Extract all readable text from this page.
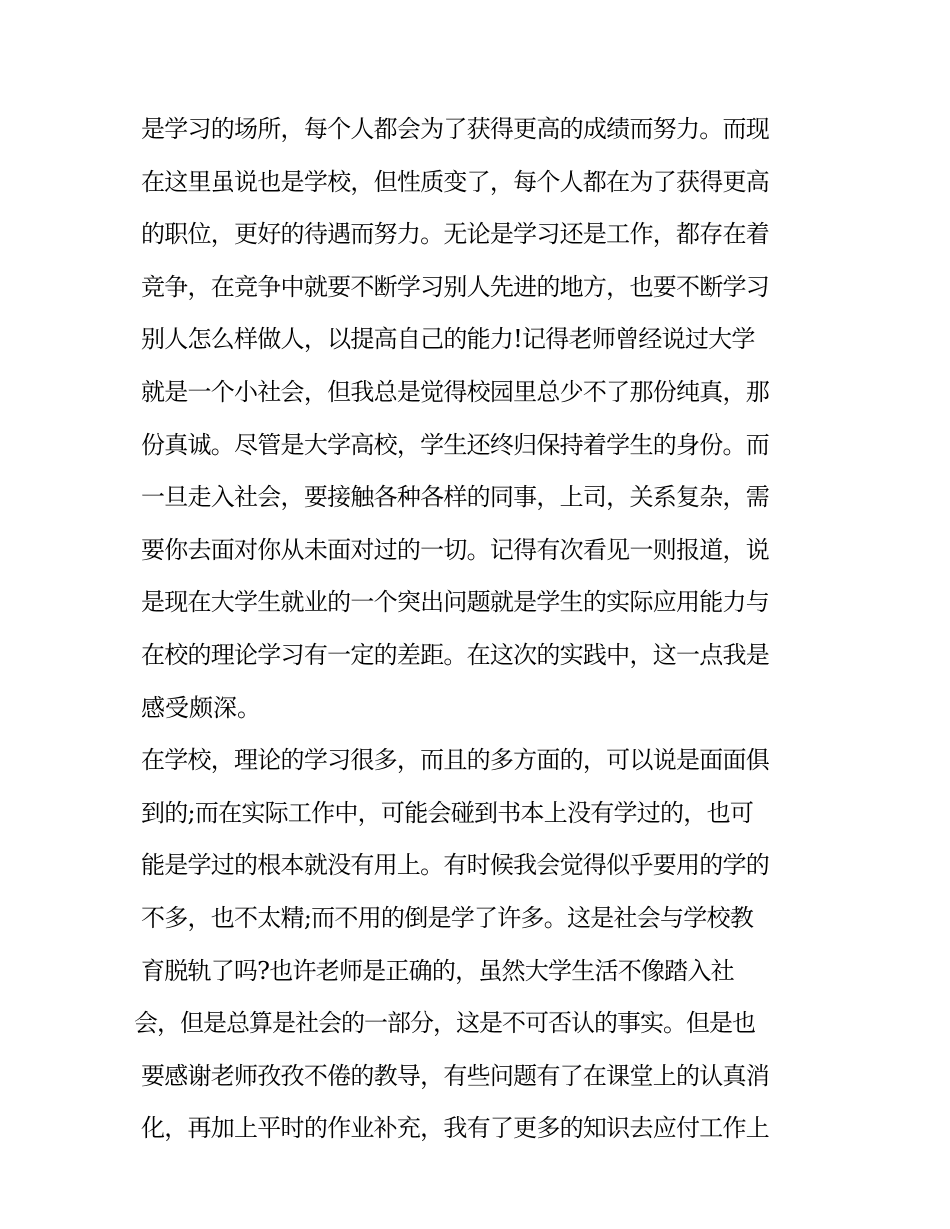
是学习的场所，每个人都会为了获得更高的成绩而努力。而现
在这里虽说也是学校，但性质变了，每个人都在为了获得更高
的职位，更好的待遇而努力。无论是学习还是工作，都存在着
竞争，在竞争中就要不断学习别人先进的地方，也要不断学习
别人怎么样做人，以提高自己的能力!记得老师曾经说过大学
就是一个小社会，但我总是觉得校园里总少不了那份纯真，那
份真诚。尽管是大学高校，学生还终归保持着学生的身份。而
一旦走入社会，要接触各种各样的同事，上司，关系复杂，需
要你去面对你从未面对过的一切。记得有次看见一则报道，说
是现在大学生就业的一个突出问题就是学生的实际应用能力与
在校的理论学习有一定的差距。在这次的实践中，这一点我是
感受颇深。
在学校，理论的学习很多，而且的多方面的，可以说是面面俱
到的;而在实际工作中，可能会碰到书本上没有学过的，也可
能是学过的根本就没有用上。有时候我会觉得似乎要用的学的
不多，也不太精;而不用的倒是学了许多。这是社会与学校教
育脱轨了吗?也许老师是正确的，虽然大学生活不像踏入社
会，但是总算是社会的一部分，这是不可否认的事实。但是也
要感谢老师孜孜不倦的教导，有些问题有了在课堂上的认真消
化，再加上平时的作业补充，我有了更多的知识去应付工作上
